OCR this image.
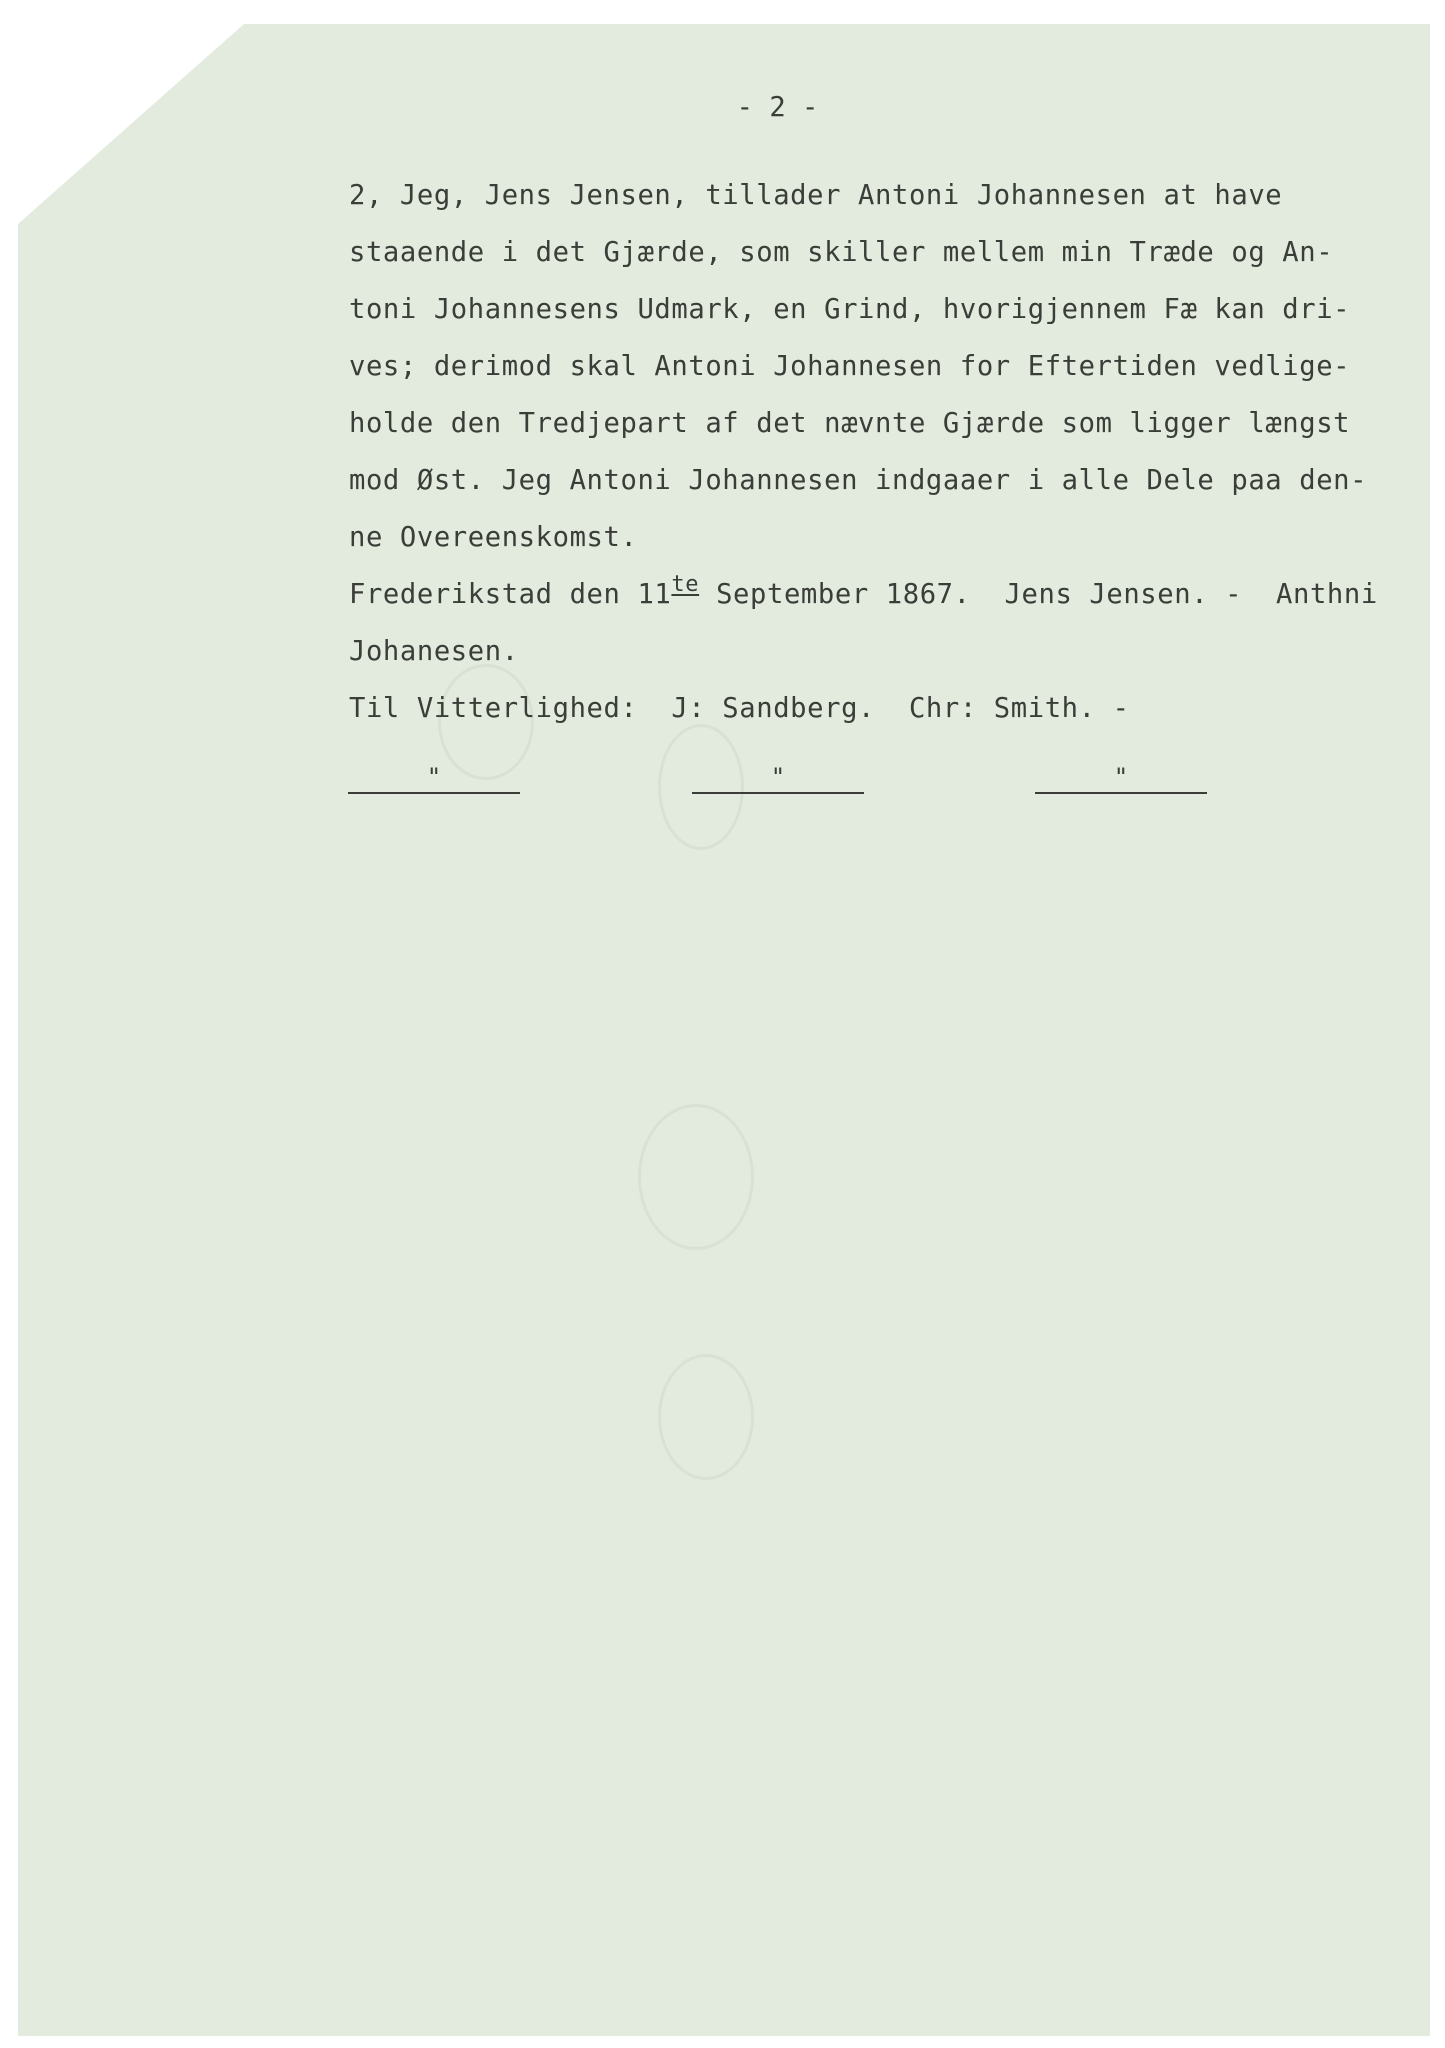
- 2 -
2, Jeg, Jens Jensen, tillader Antoni Johannesen at have
staaende i det Gjærde, som skiller mellem min Træde og An-
toni Johannesens Udmark, en Grind, hvorigjennem Fæ kan dri-
ves; derimod skal Antoni Johannesen for Eftertiden vedlige-
holde den Tredjepart af det nævnte Gjærde som ligger længst
mod Øst. Jeg Antoni Johannesen indgaaer i alle Dele paa den-
ne Overeenskomst.
Frederikstad den 11te September 1867.  Jens Jensen. -  Anthni
Johanesen.
Til Vitterlighed:  J: Sandberg.  Chr: Smith. -
"	"	"
